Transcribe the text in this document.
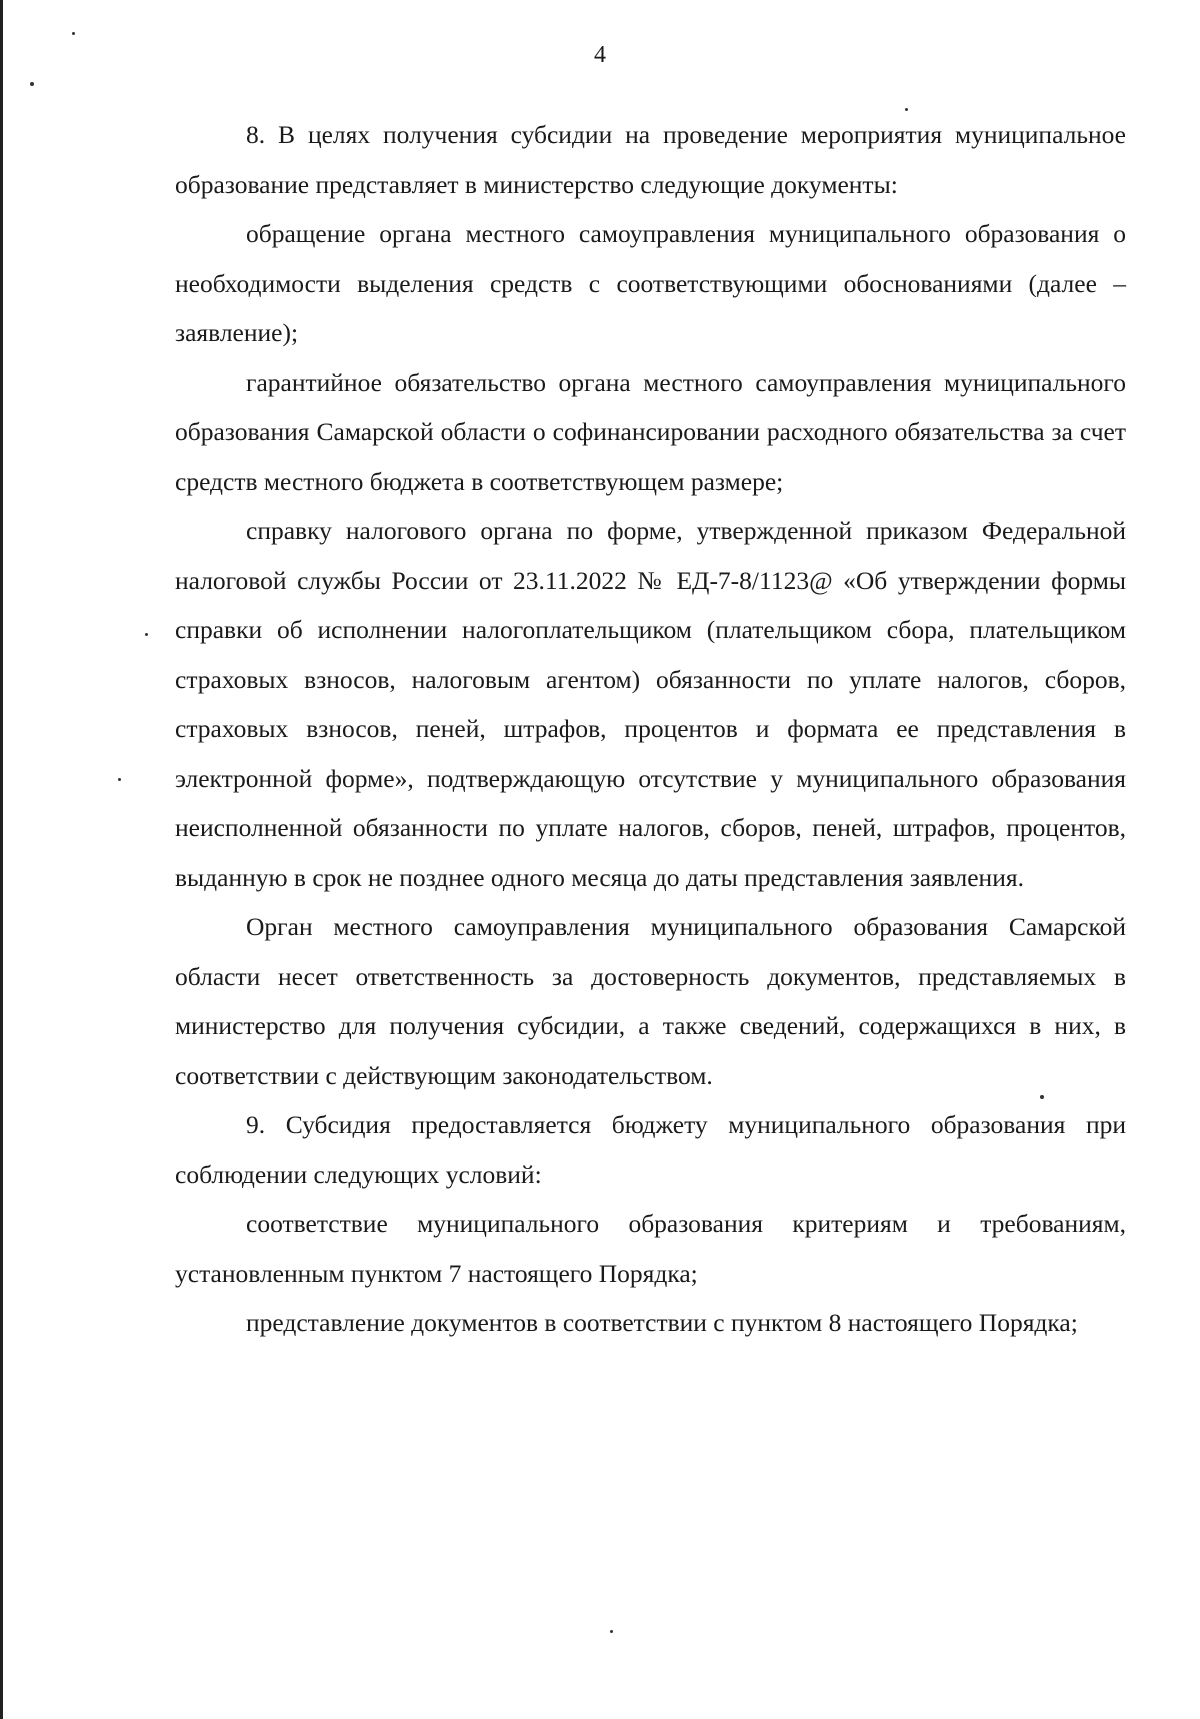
4

8. В целях получения субсидии на проведение мероприятия муниципальное образование представляет в министерство следующие документы:

обращение органа местного самоуправления муниципального образования о необходимости выделения средств с соответствующими обоснованиями (далее – заявление);

гарантийное обязательство органа местного самоуправления муниципального образования Самарской области о софинансировании расходного обязательства за счет средств местного бюджета в соответствующем размере;

справку налогового органа по форме, утвержденной приказом Федеральной налоговой службы России от 23.11.2022 № ЕД-7-8/1123@ «Об утверждении формы справки об исполнении налогоплательщиком (плательщиком сбора, плательщиком страховых взносов, налоговым агентом) обязанности по уплате налогов, сборов, страховых взносов, пеней, штрафов, процентов и формата ее представления в электронной форме», подтверждающую отсутствие у муниципального образования неисполненной обязанности по уплате налогов, сборов, пеней, штрафов, процентов, выданную в срок не позднее одного месяца до даты представления заявления.

Орган местного самоуправления муниципального образования Самарской области несет ответственность за достоверность документов, представляемых в министерство для получения субсидии, а также сведений, содержащихся в них, в соответствии с действующим законодательством.

9. Субсидия предоставляется бюджету муниципального образования при соблюдении следующих условий:

соответствие муниципального образования критериям и требованиям, установленным пунктом 7 настоящего Порядка;

представление документов в соответствии с пунктом 8 настоящего Порядка;
